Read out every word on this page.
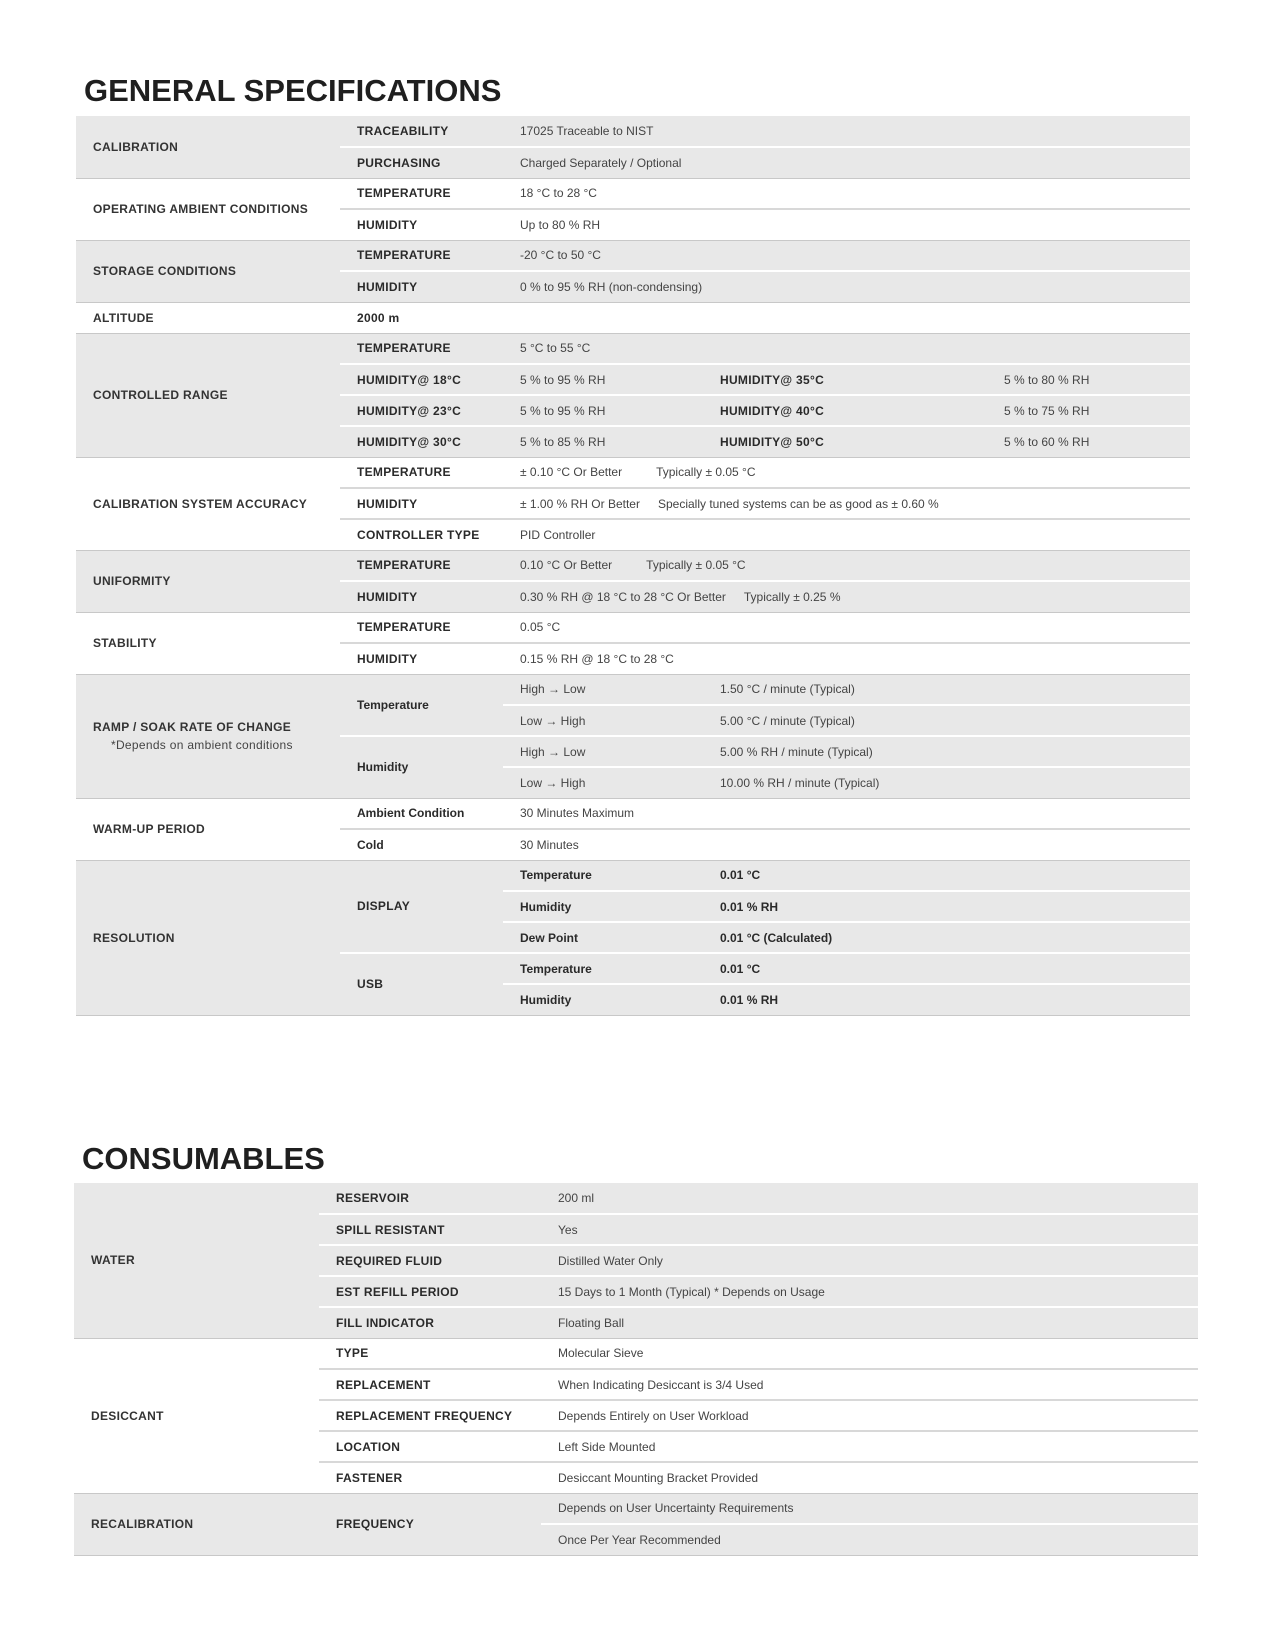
GENERAL SPECIFICATIONS
CALIBRATION	TRACEABILITY	17025 Traceable to NIST		
	PURCHASING	Charged Separately / Optional		
OPERATING AMBIENT CONDITIONS	TEMPERATURE	18 °C to 28 °C		
	HUMIDITY	Up to 80 % RH		
STORAGE CONDITIONS	TEMPERATURE	-20 °C to 50 °C		
	HUMIDITY	0 % to 95 % RH (non-condensing)		
ALTITUDE	2000 m			
CONTROLLED RANGE	TEMPERATURE	5 °C to 55 °C		
	HUMIDITY@ 18°C	5 % to 95 % RH	HUMIDITY@ 35°C	5 % to 80 % RH
	HUMIDITY@ 23°C	5 % to 95 % RH	HUMIDITY@ 40°C	5 % to 75 % RH
	HUMIDITY@ 30°C	5 % to 85 % RH	HUMIDITY@ 50°C	5 % to 60 % RH
CALIBRATION SYSTEM ACCURACY	TEMPERATURE	± 0.10 °C Or Better Typically ± 0.05 °C		
	HUMIDITY	± 1.00 % RH Or Better Specially tuned systems can be as good as ± 0.60 %		
	CONTROLLER TYPE	PID Controller		
UNIFORMITY	TEMPERATURE	0.10 °C Or Better Typically ± 0.05 °C		
	HUMIDITY	0.30 % RH @ 18 °C to 28 °C Or Better Typically ± 0.25 %		
STABILITY	TEMPERATURE	0.05 °C		
	HUMIDITY	0.15 % RH @ 18 °C to 28 °C		
RAMP / SOAK RATE OF CHANGE
*Depends on ambient conditions	Temperature	High → Low	1.50 °C / minute (Typical)	
		Low → High	5.00 °C / minute (Typical)	
	Humidity	High → Low	5.00 % RH / minute (Typical)	
		Low → High	10.00 % RH / minute (Typical)	
WARM-UP PERIOD	Ambient Condition	30 Minutes Maximum		
	Cold	30 Minutes		
RESOLUTION	DISPLAY	Temperature	0.01 °C	
		Humidity	0.01 % RH	
		Dew Point	0.01 °C (Calculated)	
	USB	Temperature	0.01 °C	
		Humidity	0.01 % RH	
CONSUMABLES
WATER	RESERVOIR	200 ml
	SPILL RESISTANT	Yes
	REQUIRED FLUID	Distilled Water Only
	EST REFILL PERIOD	15 Days to 1 Month (Typical) * Depends on Usage
	FILL INDICATOR	Floating Ball
DESICCANT	TYPE	Molecular Sieve
	REPLACEMENT	When Indicating Desiccant is 3/4 Used
	REPLACEMENT FREQUENCY	Depends Entirely on User Workload
	LOCATION	Left Side Mounted
	FASTENER	Desiccant Mounting Bracket Provided
RECALIBRATION	FREQUENCY	Depends on User Uncertainty Requirements
		Once Per Year Recommended
